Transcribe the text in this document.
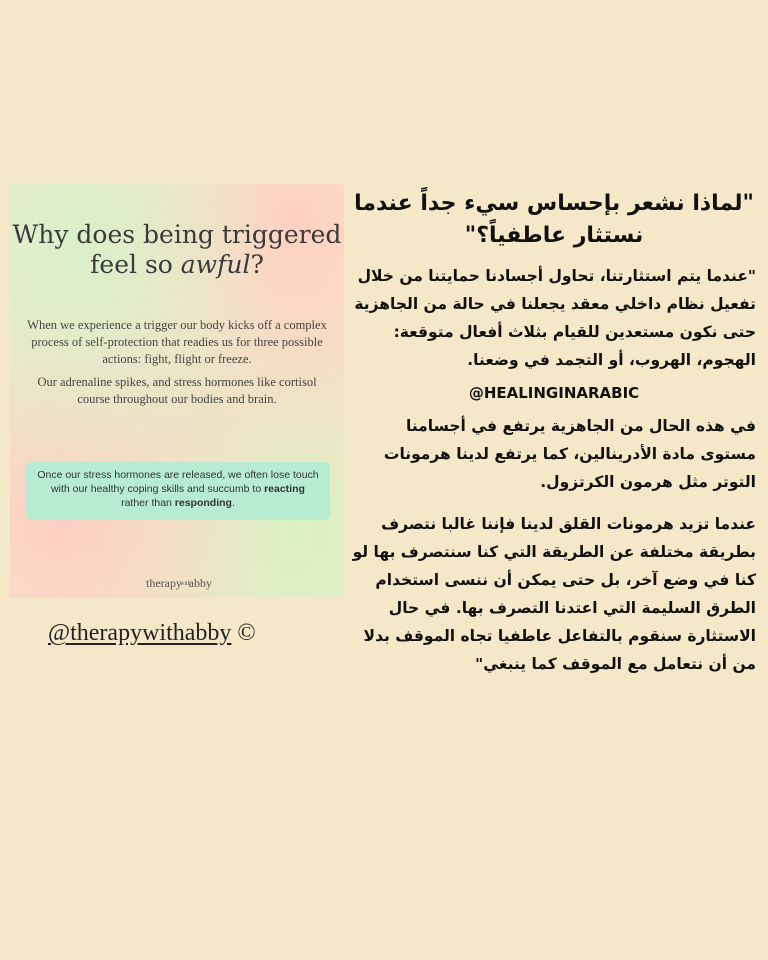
Why does being triggered
feel so awful?
When we experience a trigger our body kicks off a complex process of self-protection that readies us for three possible actions: fight, flight or freeze.
Our adrenaline spikes, and stress hormones like cortisol course throughout our bodies and brain.
Once our stress hormones are released, we often lose touch with our healthy coping skills and succumb to reacting rather than responding.
therapywithabby
@therapywithabby ©
"لماذا نشعر بإحساس سيء جداً عندما نستثار عاطفياً؟"
"عندما يتم استثارتنا، تحاول أجسادنا حمايتنا من خلال تفعيل نظام داخلي معقد يجعلنا في حالة من الجاهزية حتى نكون مستعدين للقيام بثلاث أفعال متوقعة: الهجوم، الهروب، أو التجمد في وضعنا.
@HEALINGINARABIC
في هذه الحال من الجاهزية يرتفع في أجسامنا مستوى مادة الأدرينالين، كما يرتفع لدينا هرمونات التوتر مثل هرمون الكرتزول.
عندما تزيد هرمونات القلق لدينا فإننا غالبا نتصرف بطريقة مختلفة عن الطريقة التي كنا سنتصرف بها لو كنا في وضع آخر، بل حتى يمكن أن ننسى استخدام الطرق السليمة التي اعتدنا التصرف بها. في حال الاستثارة سنقوم بالتفاعل عاطفيا تجاه الموقف بدلا من أن نتعامل مع الموقف كما ينبغي"
